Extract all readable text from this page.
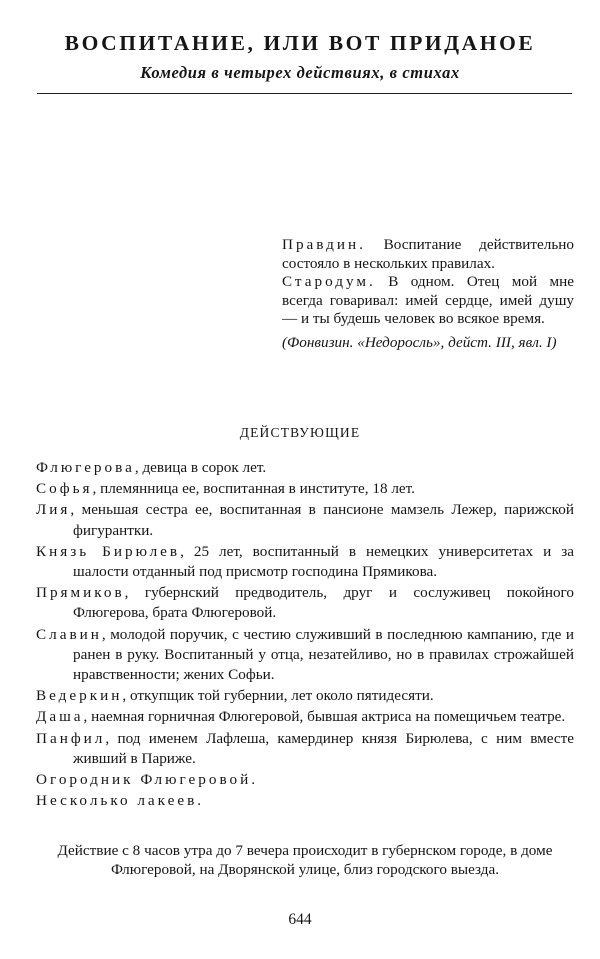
ВОСПИТАНИЕ, ИЛИ ВОТ ПРИДАНОЕ
Комедия в четырех действиях, в стихах

Правдин. Воспитание действительно состояло в нескольких правилах.

Стародум. В одном. Отец мой мне всегда говаривал: имей сердце, имей душу — и ты будешь человек во всякое время.

(Фонвизин. «Недоросль», дейст. III, явл. I)

ДЕЙСТВУЮЩИЕ

Флюгерова, девица в сорок лет.

Софья, племянница ее, воспитанная в институте, 18 лет.

Лия, меньшая сестра ее, воспитанная в пансионе мамзель Лежер, парижской фигурантки.

Князь Бирюлев, 25 лет, воспитанный в немецких университетах и за шалости отданный под присмотр господина Прямикова.

Прямиков, губернский предводитель, друг и сослуживец покойного Флюгерова, брата Флюгеровой.

Славин, молодой поручик, с честию служивший в последнюю кампанию, где и ранен в руку. Воспитанный у отца, незатейливо, но в правилах строжайшей нравственности; жених Софьи.

Ведеркин, откупщик той губернии, лет около пятидесяти.

Даша, наемная горничная Флюгеровой, бывшая актриса на помещичьем театре.

Панфил, под именем Лафлеша, камердинер князя Бирюлева, с ним вместе живший в Париже.

Огородник Флюгеровой.

Несколько лакеев.

Действие с 8 часов утра до 7 вечера происходит в губернском городе, в доме Флюгеровой, на Дворянской улице, близ городского выезда.
644
